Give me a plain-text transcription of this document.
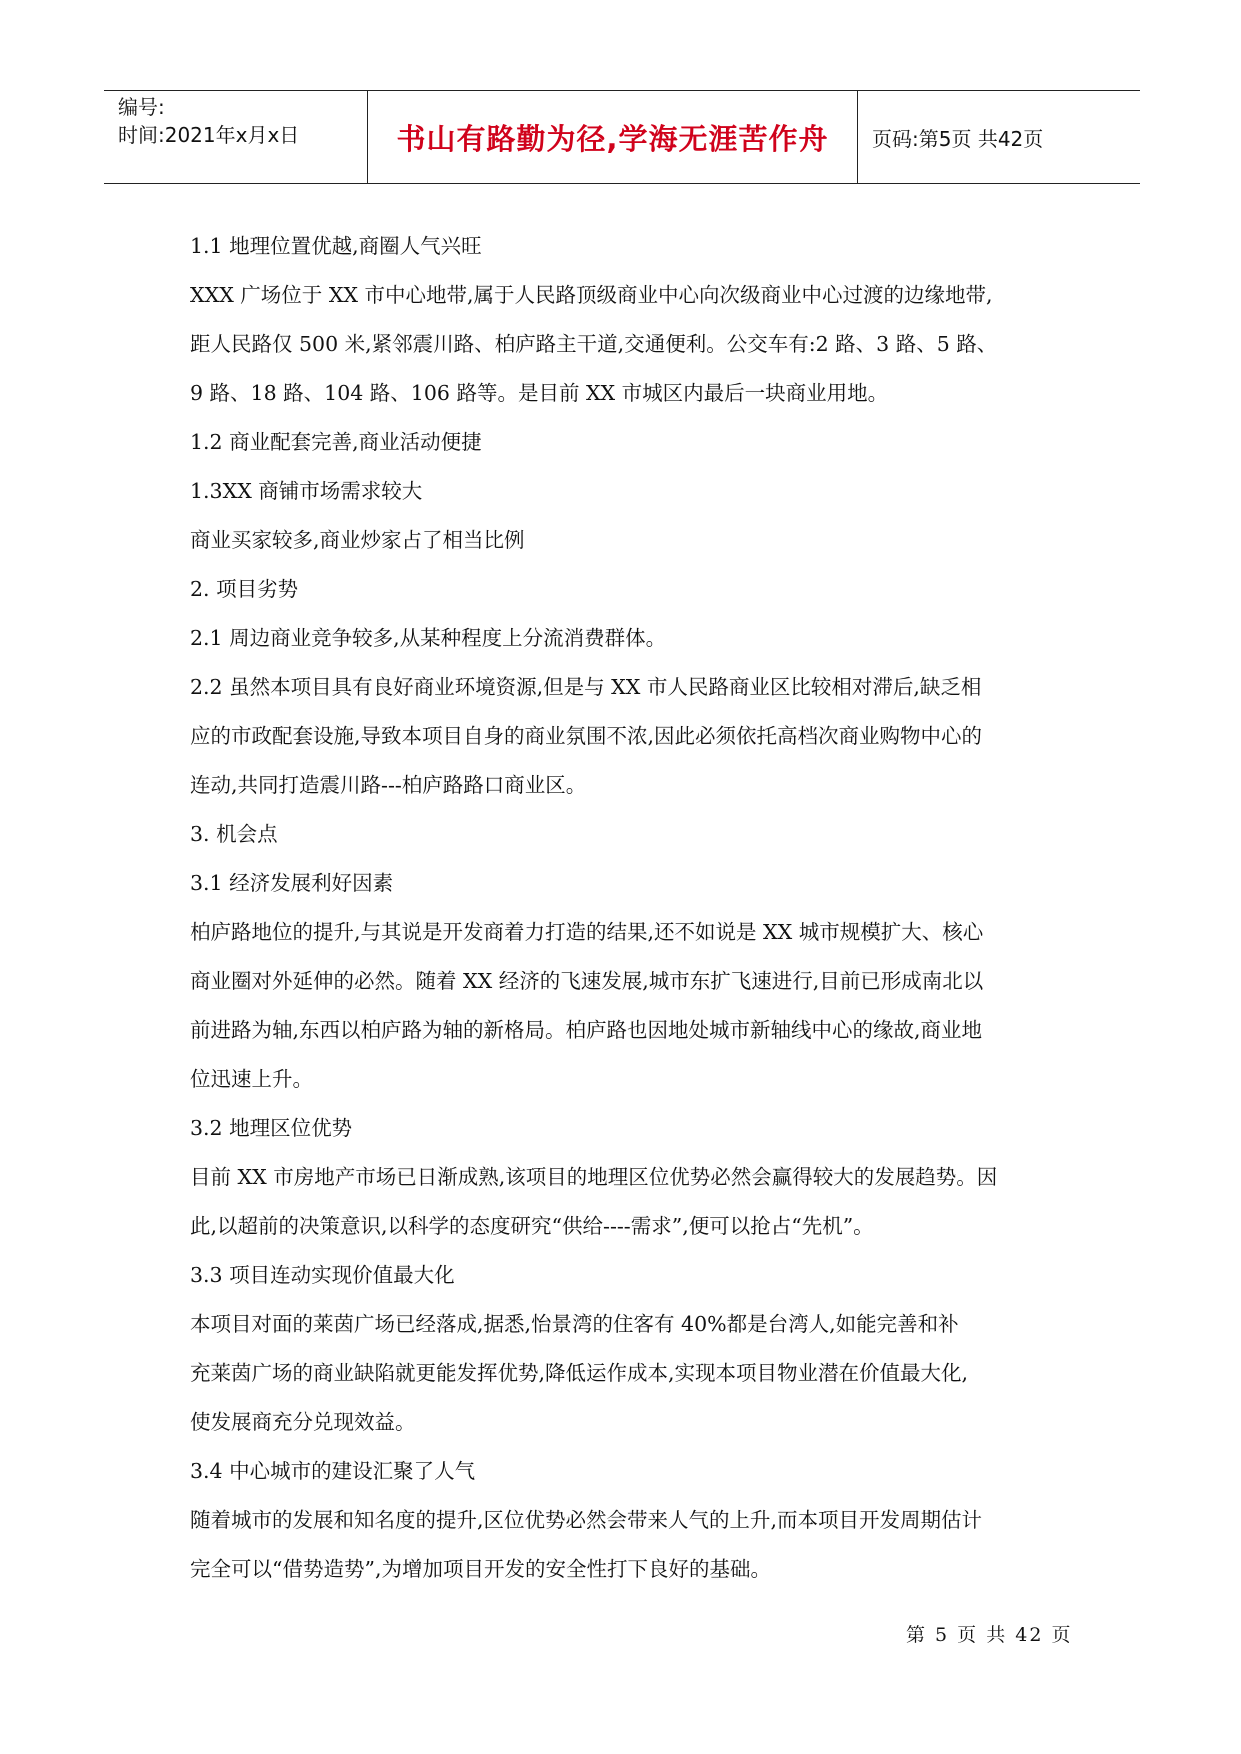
编号:
时间:2021年x月x日	书山有路勤为径,学海无涯苦作舟	页码:第5页 共42页

1.1 地理位置优越,商圈人气兴旺

XXX 广场位于 XX 市中心地带,属于人民路顶级商业中心向次级商业中心过渡的边缘地带,

距人民路仅 500 米,紧邻震川路、柏庐路主干道,交通便利。公交车有:2 路、3 路、5 路、

9 路、18 路、104 路、106 路等。是目前 XX 市城区内最后一块商业用地。

1.2 商业配套完善,商业活动便捷

1.3XX 商铺市场需求较大

商业买家较多,商业炒家占了相当比例

2. 项目劣势

2.1 周边商业竞争较多,从某种程度上分流消费群体。

2.2 虽然本项目具有良好商业环境资源,但是与 XX 市人民路商业区比较相对滞后,缺乏相

应的市政配套设施,导致本项目自身的商业氛围不浓,因此必须依托高档次商业购物中心的

连动,共同打造震川路---柏庐路路口商业区。

3. 机会点

3.1 经济发展利好因素

柏庐路地位的提升,与其说是开发商着力打造的结果,还不如说是 XX 城市规模扩大、核心

商业圈对外延伸的必然。随着 XX 经济的飞速发展,城市东扩飞速进行,目前已形成南北以

前进路为轴,东西以柏庐路为轴的新格局。柏庐路也因地处城市新轴线中心的缘故,商业地

位迅速上升。

3.2 地理区位优势

目前 XX 市房地产市场已日渐成熟,该项目的地理区位优势必然会赢得较大的发展趋势。因

此,以超前的决策意识,以科学的态度研究“供给----需求”,便可以抢占“先机”。

3.3 项目连动实现价值最大化

本项目对面的莱茵广场已经落成,据悉,怡景湾的住客有 40%都是台湾人,如能完善和补

充莱茵广场的商业缺陷就更能发挥优势,降低运作成本,实现本项目物业潜在价值最大化,

使发展商充分兑现效益。

3.4 中心城市的建设汇聚了人气

随着城市的发展和知名度的提升,区位优势必然会带来人气的上升,而本项目开发周期估计

完全可以“借势造势”,为增加项目开发的安全性打下良好的基础。

第 5 页 共 42 页
